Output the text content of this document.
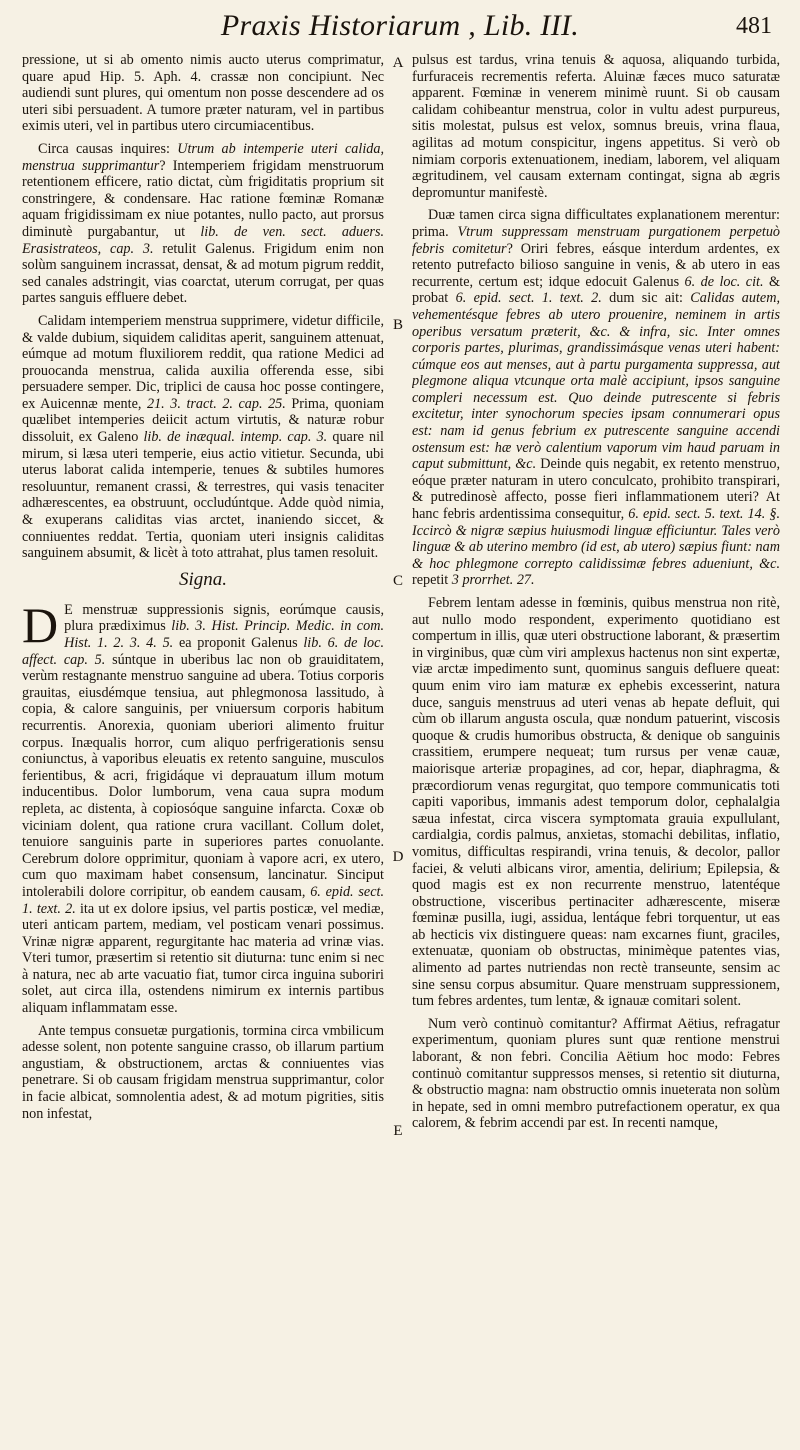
Praxis Historiarum , Lib. III.	481

pressione, ut si ab omento nimis aucto uterus comprimatur, quare apud Hip. 5. Aph. 4. crassæ non concipiunt. Nec audiendi sunt plures, qui omentum non posse descendere ad os uteri sibi persuadent. A tumore præter naturam, vel in partibus eximis uteri, vel in partibus utero circumiacentibus.

Circa causas inquires: Utrum ab intemperie uteri calida, menstrua supprimantur? Intemperiem frigidam menstruorum retentionem efficere, ratio dictat, cùm frigiditatis proprium sit constringere, & condensare. Hac ratione fœminæ Romanæ aquam frigidissimam ex niue potantes, nullo pacto, aut prorsus diminutè purgabantur, ut lib. de ven. sect. aduers. Erasistrateos, cap. 3. retulit Galenus. Frigidum enim non solùm sanguinem incrassat, densat, & ad motum pigrum reddit, sed canales adstringit, vias coarctat, uterum corrugat, per quas partes sanguis effluere debet.

Calidam intemperiem menstrua supprimere, videtur difficile, & valde dubium, siquidem caliditas aperit, sanguinem attenuat, eúmque ad motum fluxiliorem reddit, qua ratione Medici ad prouocanda menstrua, calida auxilia offerenda esse, sibi persuadere semper. Dic, triplici de causa hoc posse contingere, ex Auicennæ mente, 21. 3. tract. 2. cap. 25. Prima, quoniam quælibet intemperies deiicit actum virtutis, & naturæ robur dissoluit, ex Galeno lib. de inæqual. intemp. cap. 3. quare nil mirum, si læsa uteri temperie, eius actio vitietur. Secunda, ubi uterus laborat calida intemperie, tenues & subtiles humores resoluuntur, remanent crassi, & terrestres, qui vasis tenaciter adhærescentes, ea obstruunt, occludúntque. Adde quòd nimia, & exuperans caliditas vias arctet, inaniendo siccet, & conniuentes reddat. Tertia, quoniam uteri insignis caliditas sanguinem absumit, & licèt à toto attrahat, plus tamen resoluit.

Signa.

D E menstruæ suppressionis signis, eorúmque causis, plura prædiximus lib. 3. Hist. Princip. Medic. in com. Hist. 1. 2. 3. 4. 5. ea proponit Galenus lib. 6. de loc. affect. cap. 5. súntque in uberibus lac non ob grauiditatem, verùm restagnante menstruo sanguine ad ubera. Totius corporis grauitas, eiusdémque tensiua, aut phlegmonosa lassitudo, à copia, & calore sanguinis, per vniuersum corporis habitum recurrentis. Anorexia, quoniam uberiori alimento fruitur corpus. Inæqualis horror, cum aliquo perfrigerationis sensu coniunctus, à vaporibus eleuatis ex retento sanguine, musculos ferientibus, & acri, frigidáque vi deprauatum illum motum inducentibus. Dolor lumborum, vena caua supra modum repleta, ac distenta, à copiosóque sanguine infarcta. Coxæ ob viciniam dolent, qua ratione crura vacillant. Collum dolet, tenuiore sanguinis parte in superiores partes conuolante. Cerebrum dolore opprimitur, quoniam à vapore acri, ex utero, cum quo maximam habet consensum, lancinatur. Sinciput intolerabili dolore corripitur, ob eandem causam, 6. epid. sect. 1. text. 2. ita ut ex dolore ipsius, vel partis posticæ, vel mediæ, uteri anticam partem, mediam, vel posticam venari possimus. Vrinæ nigræ apparent, regurgitante hac materia ad vrinæ vias. Vteri tumor, præsertim si retentio sit diuturna: tunc enim si nec à natura, nec ab arte vacuatio fiat, tumor circa inguina suboriri solet, aut circa illa, ostendens nimirum ex internis partibus aliquam inflammatam esse.

Ante tempus consuetæ purgationis, tormina circa vmbilicum adesse solent, non potente sanguine crasso, ob illarum partium angustiam, & obstructionem, arctas & conniuentes vias penetrare. Si ob causam frigidam menstrua supprimantur, color in facie albicat, somnolentia adest, & ad motum pigrities, sitis non infestat,

A
B
C
D
E

pulsus est tardus, vrina tenuis & aquosa, aliquando turbida, furfuraceis recrementis referta. Aluinæ fæces muco saturatæ apparent. Fœminæ in venerem minimè ruunt. Si ob causam calidam cohibeantur menstrua, color in vultu adest purpureus, sitis molestat, pulsus est velox, somnus breuis, vrina flaua, agilitas ad motum conspicitur, ingens appetitus. Si verò ob nimiam corporis extenuationem, inediam, laborem, vel aliquam ægritudinem, vel causam externam contingat, signa ab ægris depromuntur manifestè.

Duæ tamen circa signa difficultates explanationem merentur: prima. Vtrum suppressam menstruam purgationem perpetuò febris comitetur? Oriri febres, eásque interdum ardentes, ex retento putrefacto bilioso sanguine in venis, & ab utero in eas recurrente, certum est; idque edocuit Galenus 6. de loc. cit. & probat 6. epid. sect. 1. text. 2. dum sic ait: Calidas autem, vehementésque febres ab utero prouenire, neminem in artis operibus versatum præterit, &c. & infra, sic. Inter omnes corporis partes, plurimas, grandissimásque venas uteri habent: cúmque eos aut menses, aut à partu purgamenta suppressa, aut plegmone aliqua vtcunque orta malè accipiunt, ipsos sanguine compleri necessum est. Quo deinde putrescente si febris excitetur, inter synochorum species ipsam connumerari opus est: nam id genus febrium ex putrescente sanguine accendi ostensum est: hæ verò calentium vaporum vim haud paruam in caput submittunt, &c. Deinde quis negabit, ex retento menstruo, eóque præter naturam in utero conculcato, prohibito transpirari, & putredinosè affecto, posse fieri inflammationem uteri? At hanc febris ardentissima consequitur, 6. epid. sect. 5. text. 14. §. Iccircò & nigræ sæpius huiusmodi linguæ efficiuntur. Tales verò linguæ & ab uterino membro (id est, ab utero) sæpius fiunt: nam & hoc phlegmone correpto calidissimæ febres adueniunt, &c. repetit 3 prorrhet. 27.

Febrem lentam adesse in fœminis, quibus menstrua non ritè, aut nullo modo respondent, experimento quotidiano est compertum in illis, quæ uteri obstructione laborant, & præsertim in virginibus, quæ cùm viri amplexus hactenus non sint expertæ, viæ arctæ impedimento sunt, quominus sanguis defluere queat: quum enim viro iam maturæ ex ephebis excesserint, natura duce, sanguis menstruus ad uteri venas ab hepate defluit, qui cùm ob illarum angusta oscula, quæ nondum patuerint, viscosis quoque & crudis humoribus obstructa, & denique ob sanguinis crassitiem, erumpere nequeat; tum rursus per venæ cauæ, maiorisque arteriæ propagines, ad cor, hepar, diaphragma, & præcordiorum venas regurgitat, quo tempore communicatis toti capiti vaporibus, immanis adest temporum dolor, cephalalgia sæua infestat, circa viscera symptomata grauia expullulant, cardialgia, cordis palmus, anxietas, stomachi debilitas, inflatio, vomitus, difficultas respirandi, vrina tenuis, & decolor, pallor faciei, & veluti albicans viror, amentia, delirium; Epilepsia, & quod magis est ex non recurrente menstruo, latentéque obstructione, visceribus pertinaciter adhærescente, miseræ fœminæ pusilla, iugi, assidua, lentáque febri torquentur, ut eas ab hecticis vix distinguere queas: nam excarnes fiunt, graciles, extenuatæ, quoniam ob obstructas, minimèque patentes vias, alimento ad partes nutriendas non rectè transeunte, sensim ac sine sensu corpus absumitur. Quare menstruam suppressionem, tum febres ardentes, tum lentæ, & ignauæ comitari solent.

Num verò continuò comitantur? Affirmat Aëtius, refragatur experimentum, quoniam plures sunt quæ rentione menstrui laborant, & non febri. Concilia Aëtium hoc modo: Febres continuò comitantur suppressos menses, si retentio sit diuturna, & obstructio magna: nam obstructio omnis inueterata non solùm in hepate, sed in omni membro putrefactionem operatur, ex qua calorem, & febrim accendi par est. In recenti namque,
